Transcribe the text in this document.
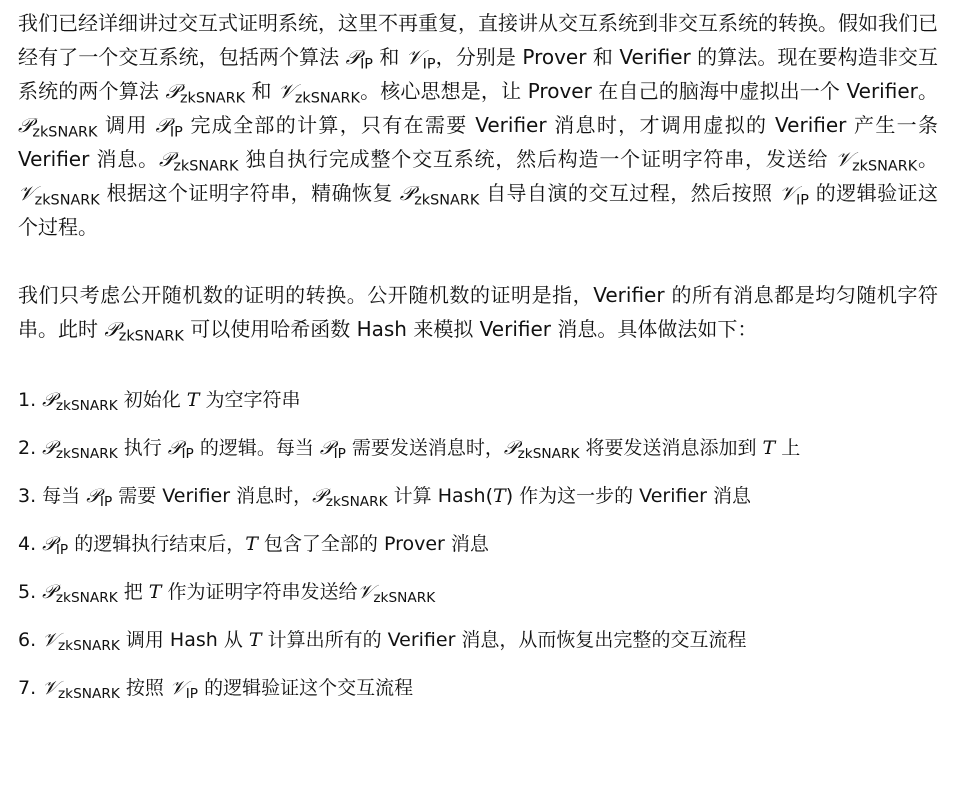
我们已经详细讲过交互式证明系统，这里不再重复，直接讲从交互系统到非交互系统的转换。假如我们已经有了一个交互系统，包括两个算法 𝒫$_{IP}$ 和 𝒱$_{IP}$，分别是 Prover 和 Verifier 的算法。现在要构造非交互系统的两个算法 𝒫$_{zkSNARK}$ 和 𝒱$_{zkSNARK}$。核心思想是，让 Prover 在自己的脑海中虚拟出一个 Verifier。𝒫$_{zkSNARK}$ 调用 𝒫$_{IP}$ 完成全部的计算，只有在需要 Verifier 消息时，才调用虚拟的 Verifier 产生一条 Verifier 消息。𝒫$_{zkSNARK}$ 独自执行完成整个交互系统，然后构造一个证明字符串，发送给 𝒱$_{zkSNARK}$。𝒱$_{zkSNARK}$ 根据这个证明字符串，精确恢复 𝒫$_{zkSNARK}$ 自导自演的交互过程，然后按照 𝒱$_{IP}$ 的逻辑验证这个过程。

我们只考虑公开随机数的证明的转换。公开随机数的证明是指，Verifier 的所有消息都是均匀随机字符串。此时 𝒫$_{zkSNARK}$ 可以使用哈希函数 Hash 来模拟 Verifier 消息。具体做法如下：

1. 𝒫$_{zkSNARK}$ 初始化 T 为空字符串
2. 𝒫$_{zkSNARK}$ 执行 𝒫$_{IP}$ 的逻辑。每当 𝒫$_{IP}$ 需要发送消息时，𝒫$_{zkSNARK}$ 将要发送消息添加到 T 上
3. 每当 𝒫$_{IP}$ 需要 Verifier 消息时，𝒫$_{zkSNARK}$ 计算 Hash(T) 作为这一步的 Verifier 消息
4. 𝒫$_{IP}$ 的逻辑执行结束后，T 包含了全部的 Prover 消息
5. 𝒫$_{zkSNARK}$ 把 T 作为证明字符串发送给𝒱$_{zkSNARK}$
6. 𝒱$_{zkSNARK}$ 调用 Hash 从 T 计算出所有的 Verifier 消息，从而恢复出完整的交互流程
7. 𝒱$_{zkSNARK}$ 按照 𝒱$_{IP}$ 的逻辑验证这个交互流程
